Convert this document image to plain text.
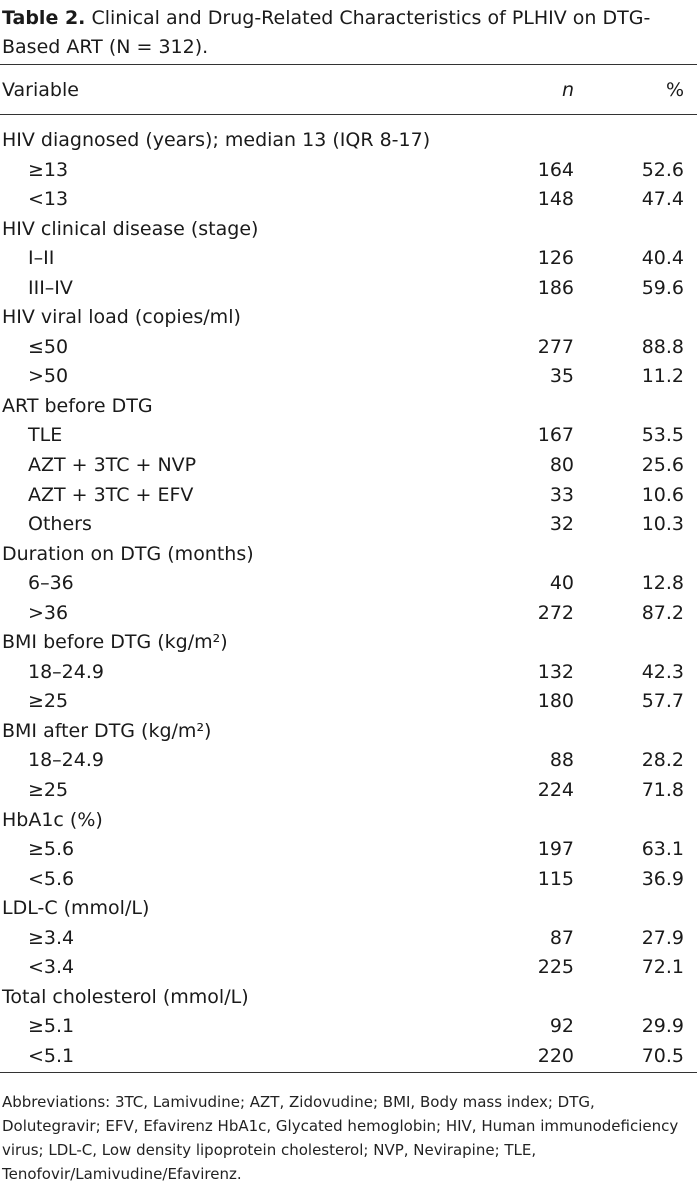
Table 2. Clinical and Drug-Related Characteristics of PLHIV on DTG-Based ART (N = 312).
Variable	n	%
HIV diagnosed (years); median 13 (IQR 8-17)
≥13	164	52.6
<13	148	47.4
HIV clinical disease (stage)
I–II	126	40.4
III–IV	186	59.6
HIV viral load (copies/ml)
≤50	277	88.8
>50	35	11.2
ART before DTG
TLE	167	53.5
AZT + 3TC + NVP	80	25.6
AZT + 3TC + EFV	33	10.6
Others	32	10.3
Duration on DTG (months)
6–36	40	12.8
>36	272	87.2
BMI before DTG (kg/m²)
18–24.9	132	42.3
≥25	180	57.7
BMI after DTG (kg/m²)
18–24.9	88	28.2
≥25	224	71.8
HbA1c (%)
≥5.6	197	63.1
<5.6	115	36.9
LDL-C (mmol/L)
≥3.4	87	27.9
<3.4	225	72.1
Total cholesterol (mmol/L)
≥5.1	92	29.9
<5.1	220	70.5
Abbreviations: 3TC, Lamivudine; AZT, Zidovudine; BMI, Body mass index; DTG, Dolutegravir; EFV, Efavirenz HbA1c, Glycated hemoglobin; HIV, Human immunodeficiency virus; LDL-C, Low density lipoprotein cholesterol; NVP, Nevirapine; TLE, Tenofovir/Lamivudine/Efavirenz.
